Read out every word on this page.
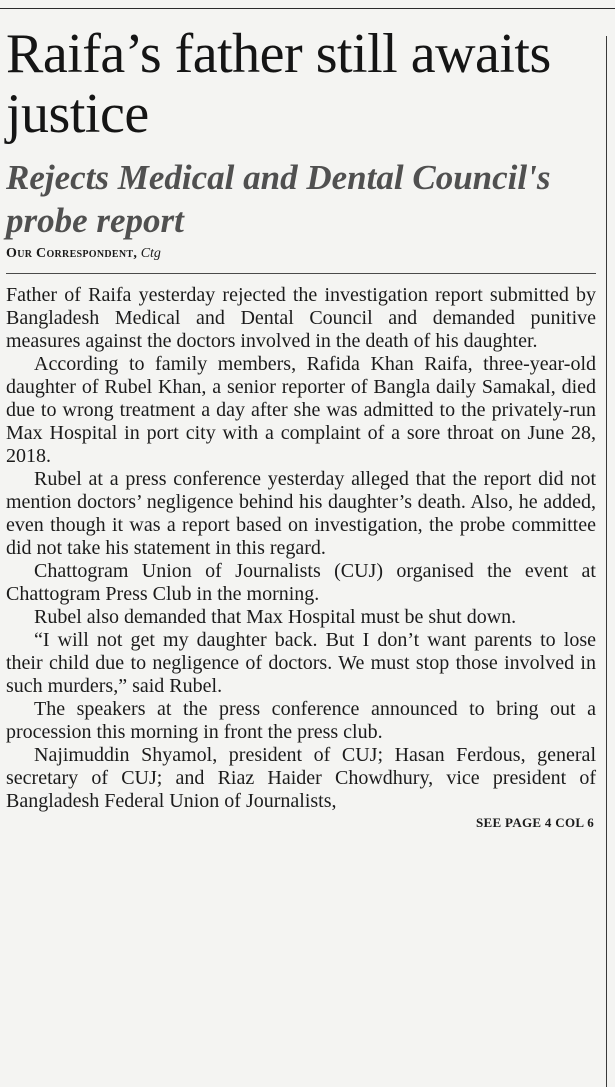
Raifa’s father still awaits justice
Rejects Medical and Dental Council's probe report
Our Correspondent, Ctg

Father of Raifa yesterday rejected the investigation report submitted by Bangladesh Medical and Dental Council and demanded punitive measures against the doctors involved in the death of his daughter.

According to family members, Rafida Khan Raifa, three-year-old daughter of Rubel Khan, a senior reporter of Bangla daily Samakal, died due to wrong treatment a day after she was admitted to the privately-run Max Hospital in port city with a complaint of a sore throat on June 28, 2018.

Rubel at a press conference yesterday alleged that the report did not mention doctors’ negligence behind his daughter’s death. Also, he added, even though it was a report based on investigation, the probe committee did not take his statement in this regard.

Chattogram Union of Journalists (CUJ) organised the event at Chattogram Press Club in the morning.

Rubel also demanded that Max Hospital must be shut down.

“I will not get my daughter back. But I don’t want parents to lose their child due to negligence of doctors. We must stop those involved in such murders,” said Rubel.

The speakers at the press conference announced to bring out a procession this morning in front the press club.

Najimuddin Shyamol, president of CUJ; Hasan Ferdous, general secretary of CUJ; and Riaz Haider Chowdhury, vice president of Bangladesh Federal Union of Journalists,

SEE PAGE 4 COL 6
